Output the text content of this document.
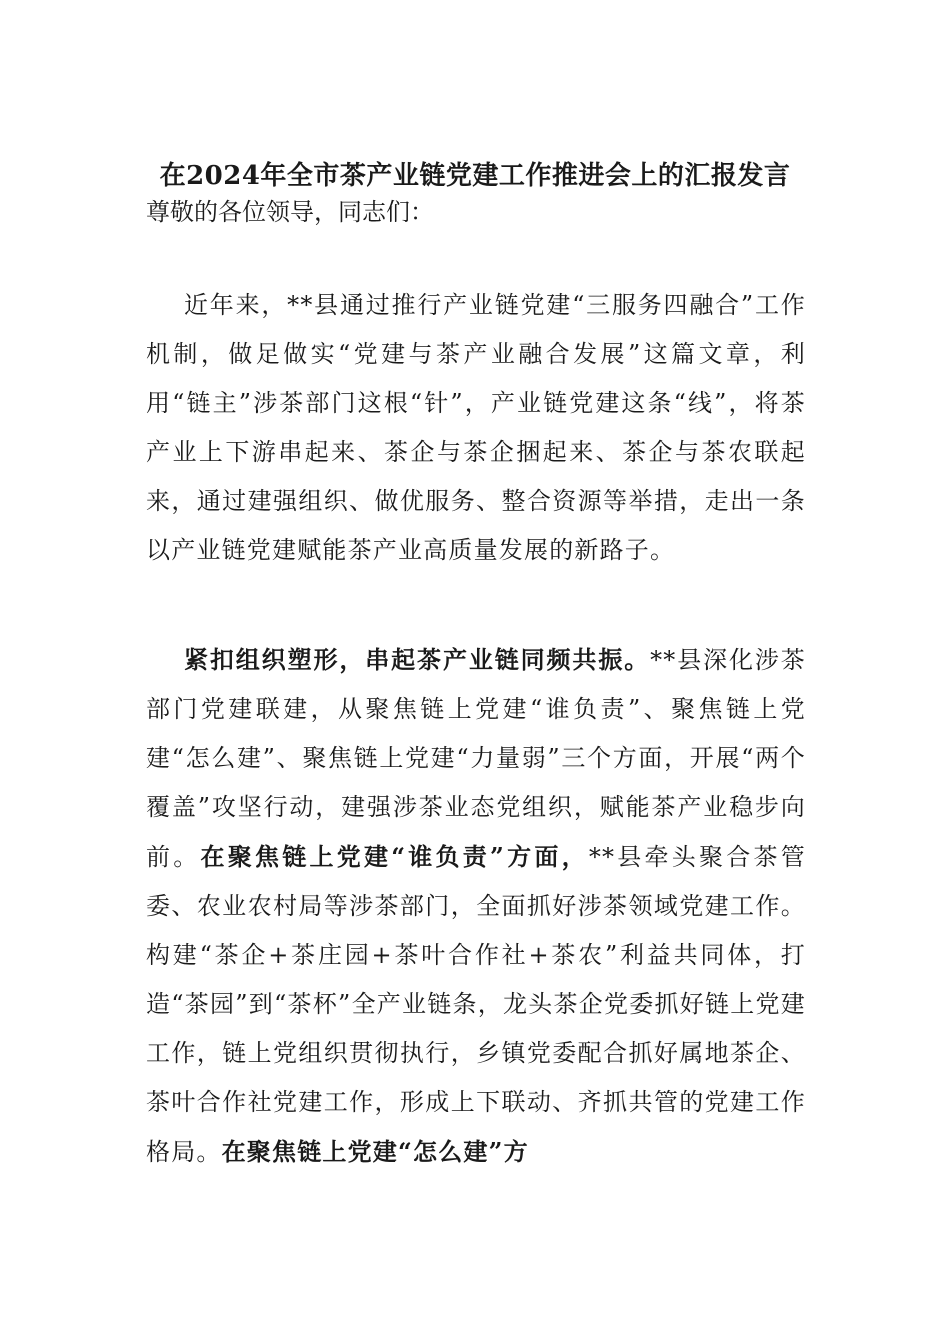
在2024年全市茶产业链党建工作推进会上的汇报发言

尊敬的各位领导，同志们：

近年来，**县通过推行产业链党建“三服务四融合”工作机制，做足做实“党建与茶产业融合发展”这篇文章，利用“链主”涉茶部门这根“针”，产业链党建这条“线”，将茶产业上下游串起来、茶企与茶企捆起来、茶企与茶农联起来，通过建强组织、做优服务、整合资源等举措，走出一条以产业链党建赋能茶产业高质量发展的新路子。

紧扣组织塑形，串起茶产业链同频共振。**县深化涉茶部门党建联建，从聚焦链上党建“谁负责”、聚焦链上党建“怎么建”、聚焦链上党建“力量弱”三个方面，开展“两个覆盖”攻坚行动，建强涉茶业态党组织，赋能茶产业稳步向前。在聚焦链上党建“谁负责”方面，**县牵头聚合茶管委、农业农村局等涉茶部门，全面抓好涉茶领域党建工作。构建“茶企+茶庄园+茶叶合作社+茶农”利益共同体，打造“茶园”到“茶杯”全产业链条，龙头茶企党委抓好链上党建工作，链上党组织贯彻执行，乡镇党委配合抓好属地茶企、茶叶合作社党建工作，形成上下联动、齐抓共管的党建工作格局。在聚焦链上党建“怎么建”方
